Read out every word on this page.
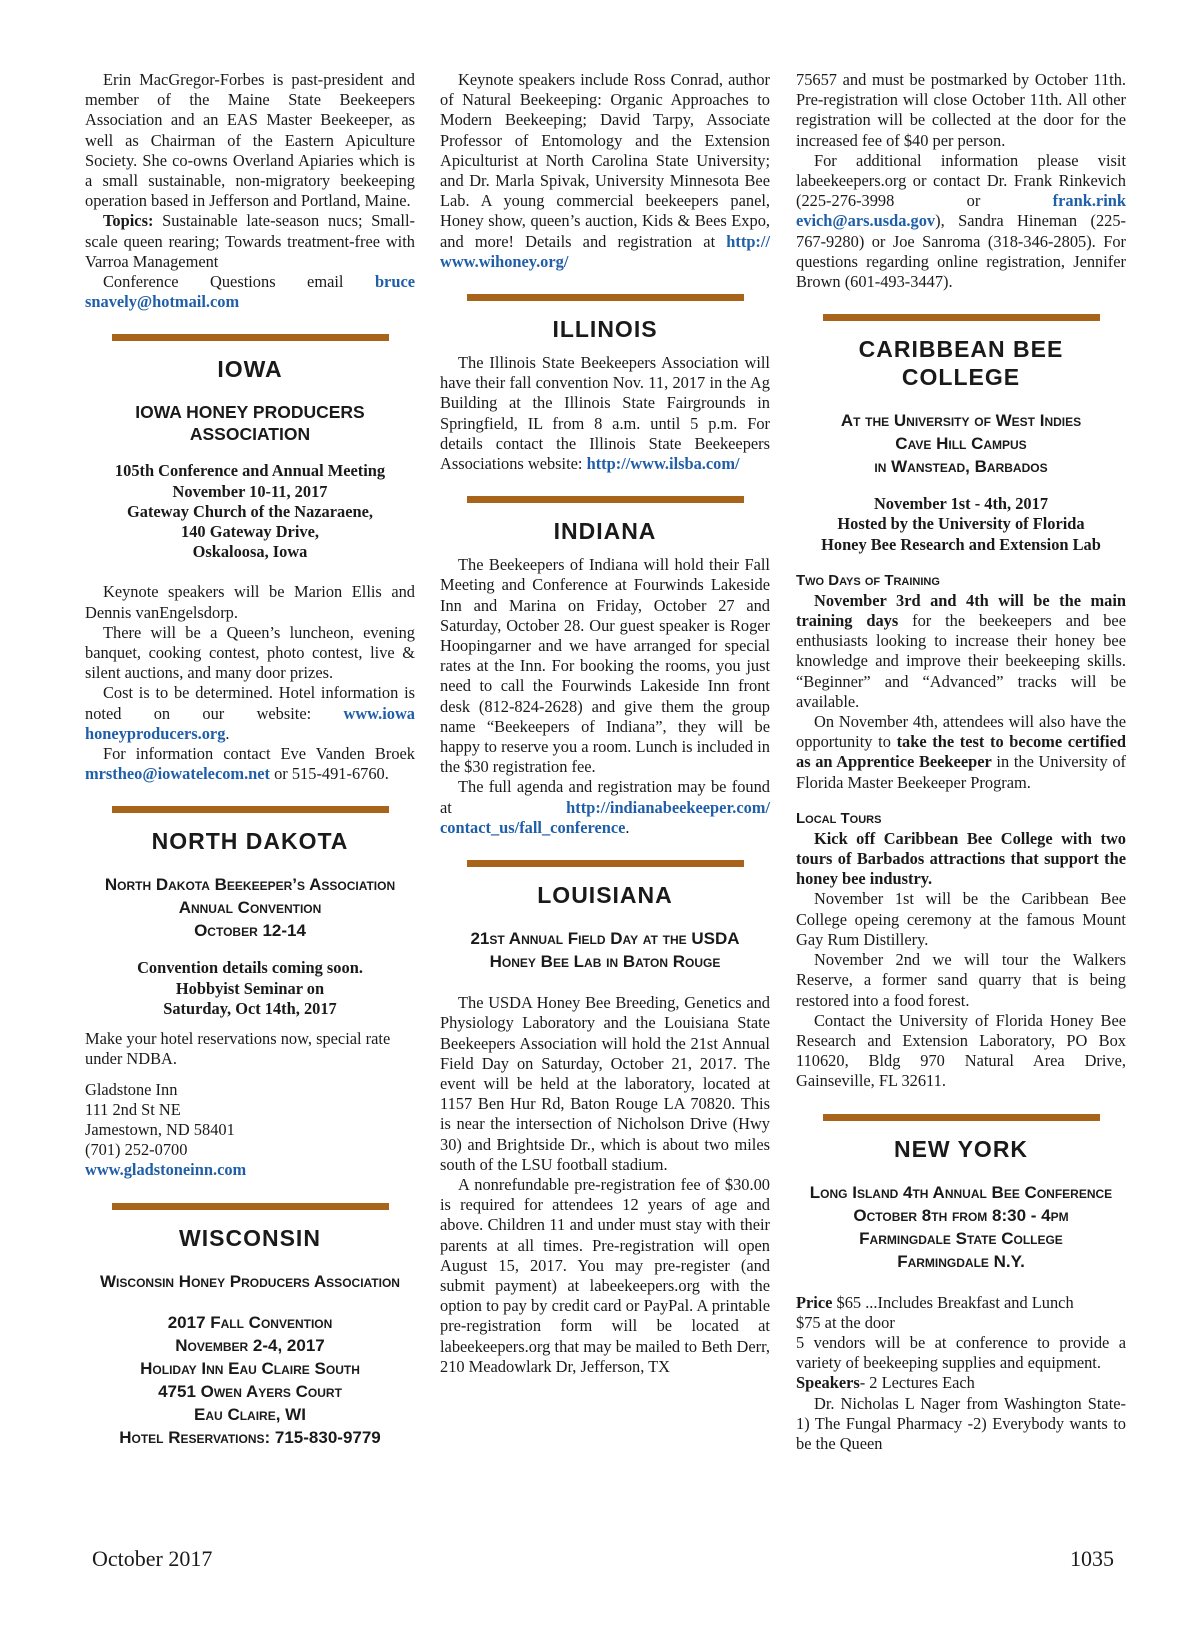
Erin MacGregor-Forbes is past-president and member of the Maine State Beekeepers Association and an EAS Master Beekeeper, as well as Chairman of the Eastern Apiculture Society. She co-owns Overland Apiaries which is a small sustainable, non-migratory beekeeping operation based in Jefferson and Portland, Maine.

Topics: Sustainable late-season nucs; Small-scale queen rearing; Towards treatment-free with Varroa Management

Conference Questions email bruce snavely@hotmail.com

IOWA
IOWA HONEY PRODUCERS ASSOCIATION
105th Conference and Annual Meeting
November 10-11, 2017
Gateway Church of the Nazaraene,
140 Gateway Drive,
Oskaloosa, Iowa

Keynote speakers will be Marion Ellis and Dennis vanEngelsdorp.

There will be a Queen’s luncheon, evening banquet, cooking contest, photo contest, live & silent auctions, and many door prizes.

Cost is to be determined. Hotel information is noted on our website: www.iowa honeyproducers.org.

For information contact Eve Vanden Broek mrstheo@iowatelecom.net or 515-491-6760.

NORTH DAKOTA
North Dakota Beekeeper’s Association
Annual Convention
October 12-14
Convention details coming soon.
Hobbyist Seminar on
Saturday, Oct 14th, 2017

Make your hotel reservations now, special rate under NDBA.

Gladstone Inn

111 2nd St NE

Jamestown, ND 58401

(701) 252-0700

www.gladstoneinn.com

WISCONSIN
Wisconsin Honey Producers Association
2017 Fall Convention
November 2-4, 2017
Holiday Inn Eau Claire South
4751 Owen Ayers Court
Eau Claire, WI
Hotel Reservations: 715-830-9779

Keynote speakers include Ross Conrad, author of Natural Beekeeping: Organic Approaches to Modern Beekeeping; David Tarpy, Associate Professor of Entomology and the Extension Apiculturist at North Carolina State University; and Dr. Marla Spivak, University Minnesota Bee Lab. A young commercial beekeepers panel, Honey show, queen’s auction, Kids & Bees Expo, and more! Details and registration at http:// www.wihoney.org/

ILLINOIS

The Illinois State Beekeepers Association will have their fall convention Nov. 11, 2017 in the Ag Building at the Illinois State Fairgrounds in Springfield, IL from 8 a.m. until 5 p.m. For details contact the Illinois State Beekeepers Associations website: http://www.ilsba.com/

INDIANA

The Beekeepers of Indiana will hold their Fall Meeting and Conference at Fourwinds Lakeside Inn and Marina on Friday, October 27 and Saturday, October 28. Our guest speaker is Roger Hoopingarner and we have arranged for special rates at the Inn. For booking the rooms, you just need to call the Fourwinds Lakeside Inn front desk (812-824-2628) and give them the group name “Beekeepers of Indiana”, they will be happy to reserve you a room. Lunch is included in the $30 registration fee.

The full agenda and registration may be found at http://indianabeekeeper.com/ contact_us/fall_conference.

LOUISIANA
21st Annual Field Day at the USDA
Honey Bee Lab in Baton Rouge

The USDA Honey Bee Breeding, Genetics and Physiology Laboratory and the Louisiana State Beekeepers Association will hold the 21st Annual Field Day on Saturday, October 21, 2017. The event will be held at the laboratory, located at 1157 Ben Hur Rd, Baton Rouge LA 70820. This is near the intersection of Nicholson Drive (Hwy 30) and Brightside Dr., which is about two miles south of the LSU football stadium.

A nonrefundable pre-registration fee of $30.00 is required for attendees 12 years of age and above. Children 11 and under must stay with their parents at all times. Pre-registration will open August 15, 2017. You may pre-register (and submit payment) at labeekeepers.org with the option to pay by credit card or PayPal. A printable pre-registration form will be located at labeekeepers.org that may be mailed to Beth Derr, 210 Meadowlark Dr, Jefferson, TX

75657 and must be postmarked by October 11th. Pre-registration will close October 11th. All other registration will be collected at the door for the increased fee of $40 per person.

For additional information please visit labeekeepers.org or contact Dr. Frank Rinkevich (225-276-3998 or frank.rink evich@ars.usda.gov), Sandra Hineman (225-767-9280) or Joe Sanroma (318-346-2805). For questions regarding online registration, Jennifer Brown (601-493-3447).

CARIBBEAN BEE COLLEGE
At the University of West Indies
Cave Hill Campus
in Wanstead, Barbados
November 1st - 4th, 2017
Hosted by the University of Florida
Honey Bee Research and Extension Lab
Two Days of Training

November 3rd and 4th will be the main training days for the beekeepers and bee enthusiasts looking to increase their honey bee knowledge and improve their beekeeping skills. “Beginner” and “Advanced” tracks will be available.

On November 4th, attendees will also have the opportunity to take the test to become certified as an Apprentice Beekeeper in the University of Florida Master Beekeeper Program.

Local Tours

Kick off Caribbean Bee College with two tours of Barbados attractions that support the honey bee industry.

November 1st will be the Caribbean Bee College opeing ceremony at the famous Mount Gay Rum Distillery.

November 2nd we will tour the Walkers Reserve, a former sand quarry that is being restored into a food forest.

Contact the University of Florida Honey Bee Research and Extension Laboratory, PO Box 110620, Bldg 970 Natural Area Drive, Gainseville, FL 32611.

NEW YORK
Long Island 4th Annual Bee Conference
October 8th from 8:30 - 4pm
Farmingdale State College
Farmingdale N.Y.

Price $65 ...Includes Breakfast and Lunch

$75 at the door

5 vendors will be at conference to provide a variety of beekeeping supplies and equipment.

Speakers- 2 Lectures Each

Dr. Nicholas L Nager from Washington State- 1) The Fungal Pharmacy -2) Everybody wants to be the Queen

October 2017	1035
